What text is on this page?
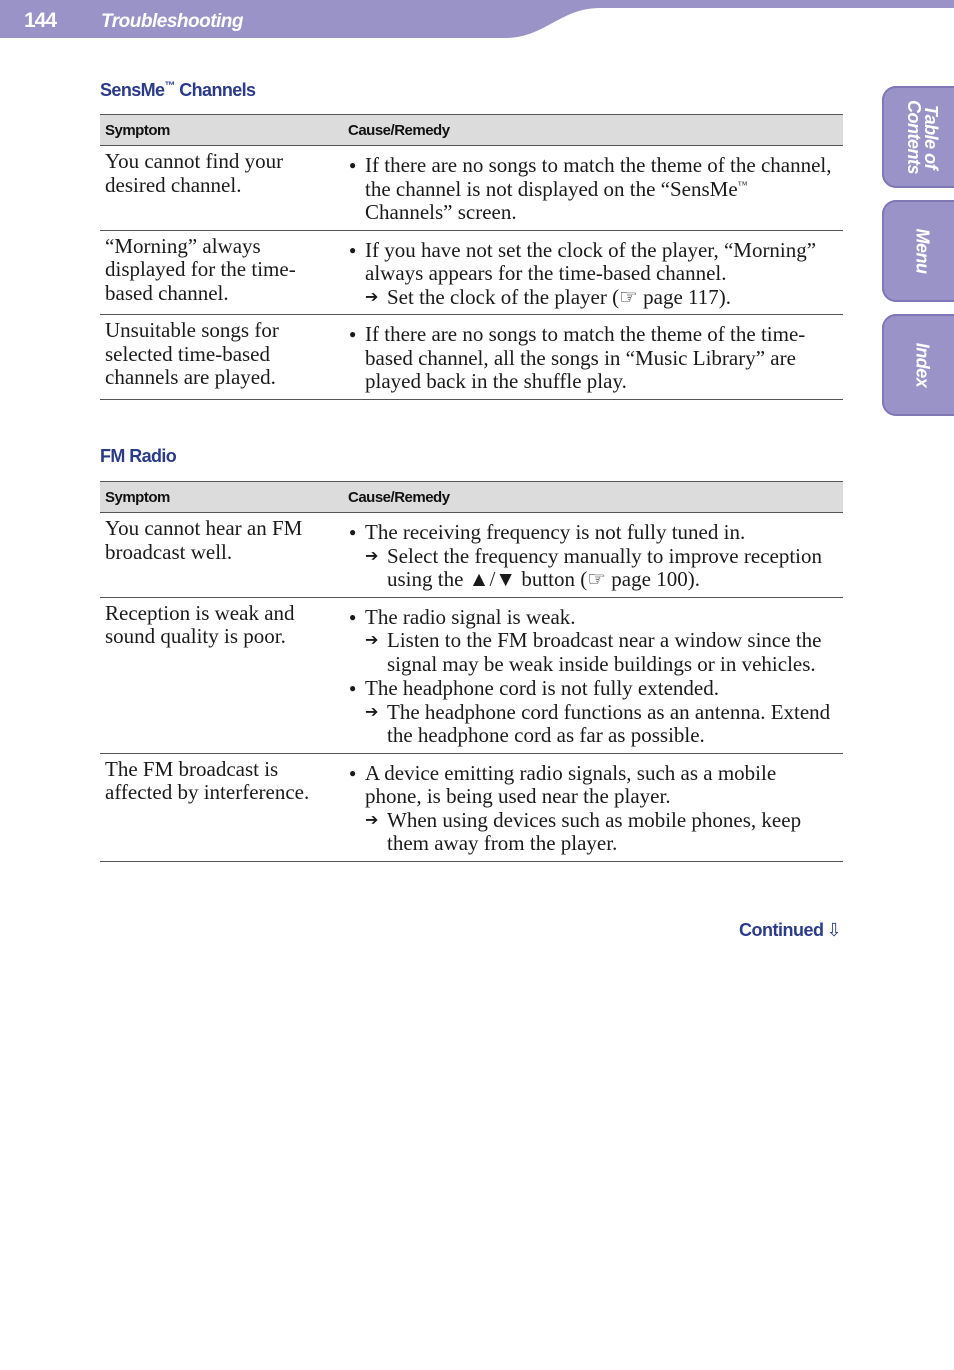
144 Troubleshooting
Table of
Contents
Menu
Index
SensMe™ Channels
Symptom	Cause/Remedy
You cannot find your desired channel.	● If there are no songs to match the theme of the channel, the channel is not displayed on the “SensMe™ Channels” screen.

“Morning” always displayed for the time-based channel.	● If you have not set the clock of the player, “Morning” always appears for the time-based channel.
➔ Set the clock of the player (☞ page 117).

Unsuitable songs for selected time-based channels are played.	● If there are no songs to match the theme of the time-based channel, all the songs in “Music Library” are played back in the shuffle play.
FM Radio
Symptom	Cause/Remedy
You cannot hear an FM broadcast well.	● The receiving frequency is not fully tuned in.
➔ Select the frequency manually to improve reception using the ▲/▼ button (☞ page 100).

Reception is weak and sound quality is poor.	● The radio signal is weak.
➔ Listen to the FM broadcast near a window since the signal may be weak inside buildings or in vehicles.
● The headphone cord is not fully extended.
➔ The headphone cord functions as an antenna. Extend the headphone cord as far as possible.

The FM broadcast is affected by interference.	● A device emitting radio signals, such as a mobile phone, is being used near the player.
➔ When using devices such as mobile phones, keep them away from the player.
Continued ⇩
